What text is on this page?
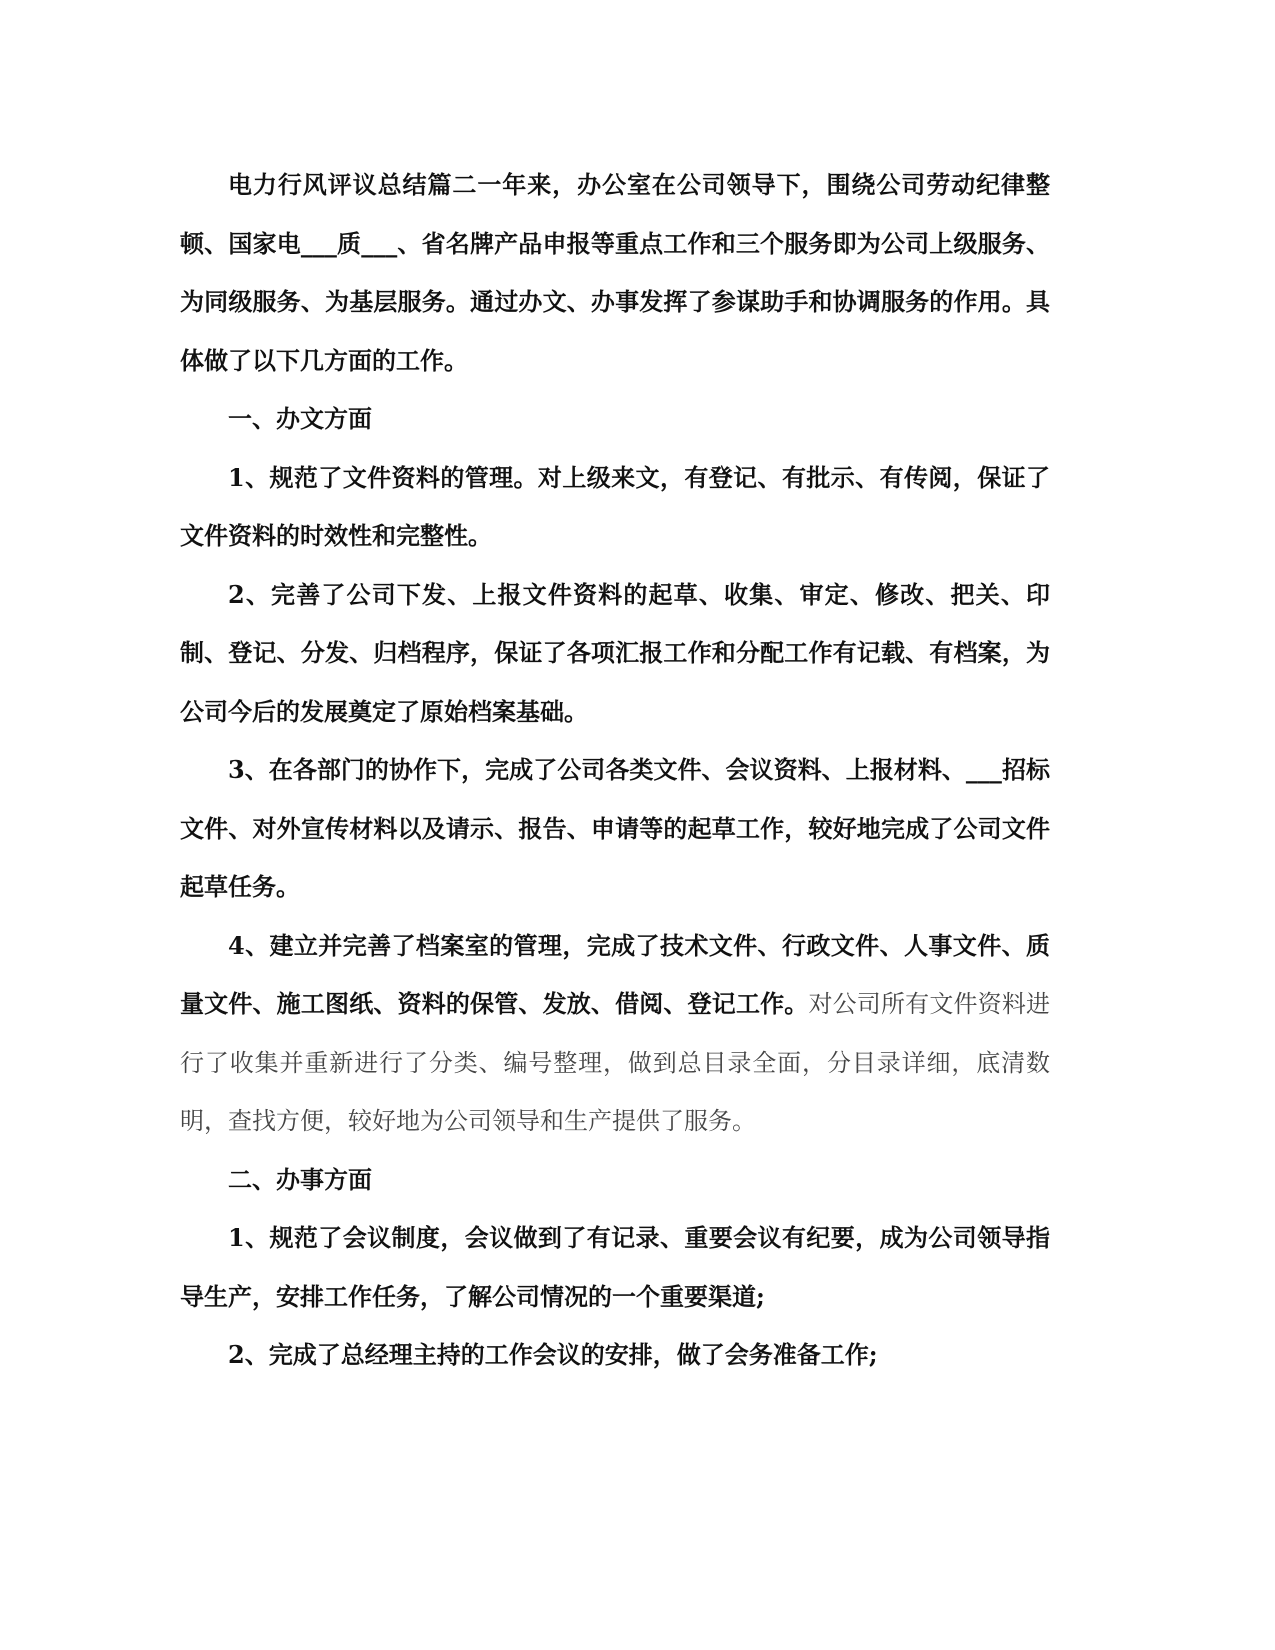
电力行风评议总结篇二一年来，办公室在公司领导下，围绕公司劳动纪律整顿、国家电___质___、省名牌产品申报等重点工作和三个服务即为公司上级服务、为同级服务、为基层服务。通过办文、办事发挥了参谋助手和协调服务的作用。具体做了以下几方面的工作。

一、办文方面

1、规范了文件资料的管理。对上级来文，有登记、有批示、有传阅，保证了文件资料的时效性和完整性。

2、完善了公司下发、上报文件资料的起草、收集、审定、修改、把关、印制、登记、分发、归档程序，保证了各项汇报工作和分配工作有记载、有档案，为公司今后的发展奠定了原始档案基础。

3、在各部门的协作下，完成了公司各类文件、会议资料、上报材料、___招标文件、对外宣传材料以及请示、报告、申请等的起草工作，较好地完成了公司文件起草任务。

4、建立并完善了档案室的管理，完成了技术文件、行政文件、人事文件、质量文件、施工图纸、资料的保管、发放、借阅、登记工作。对公司所有文件资料进行了收集并重新进行了分类、编号整理，做到总目录全面，分目录详细，底清数明，查找方便，较好地为公司领导和生产提供了服务。

二、办事方面

1、规范了会议制度，会议做到了有记录、重要会议有纪要，成为公司领导指导生产，安排工作任务，了解公司情况的一个重要渠道;

2、完成了总经理主持的工作会议的安排，做了会务准备工作;
